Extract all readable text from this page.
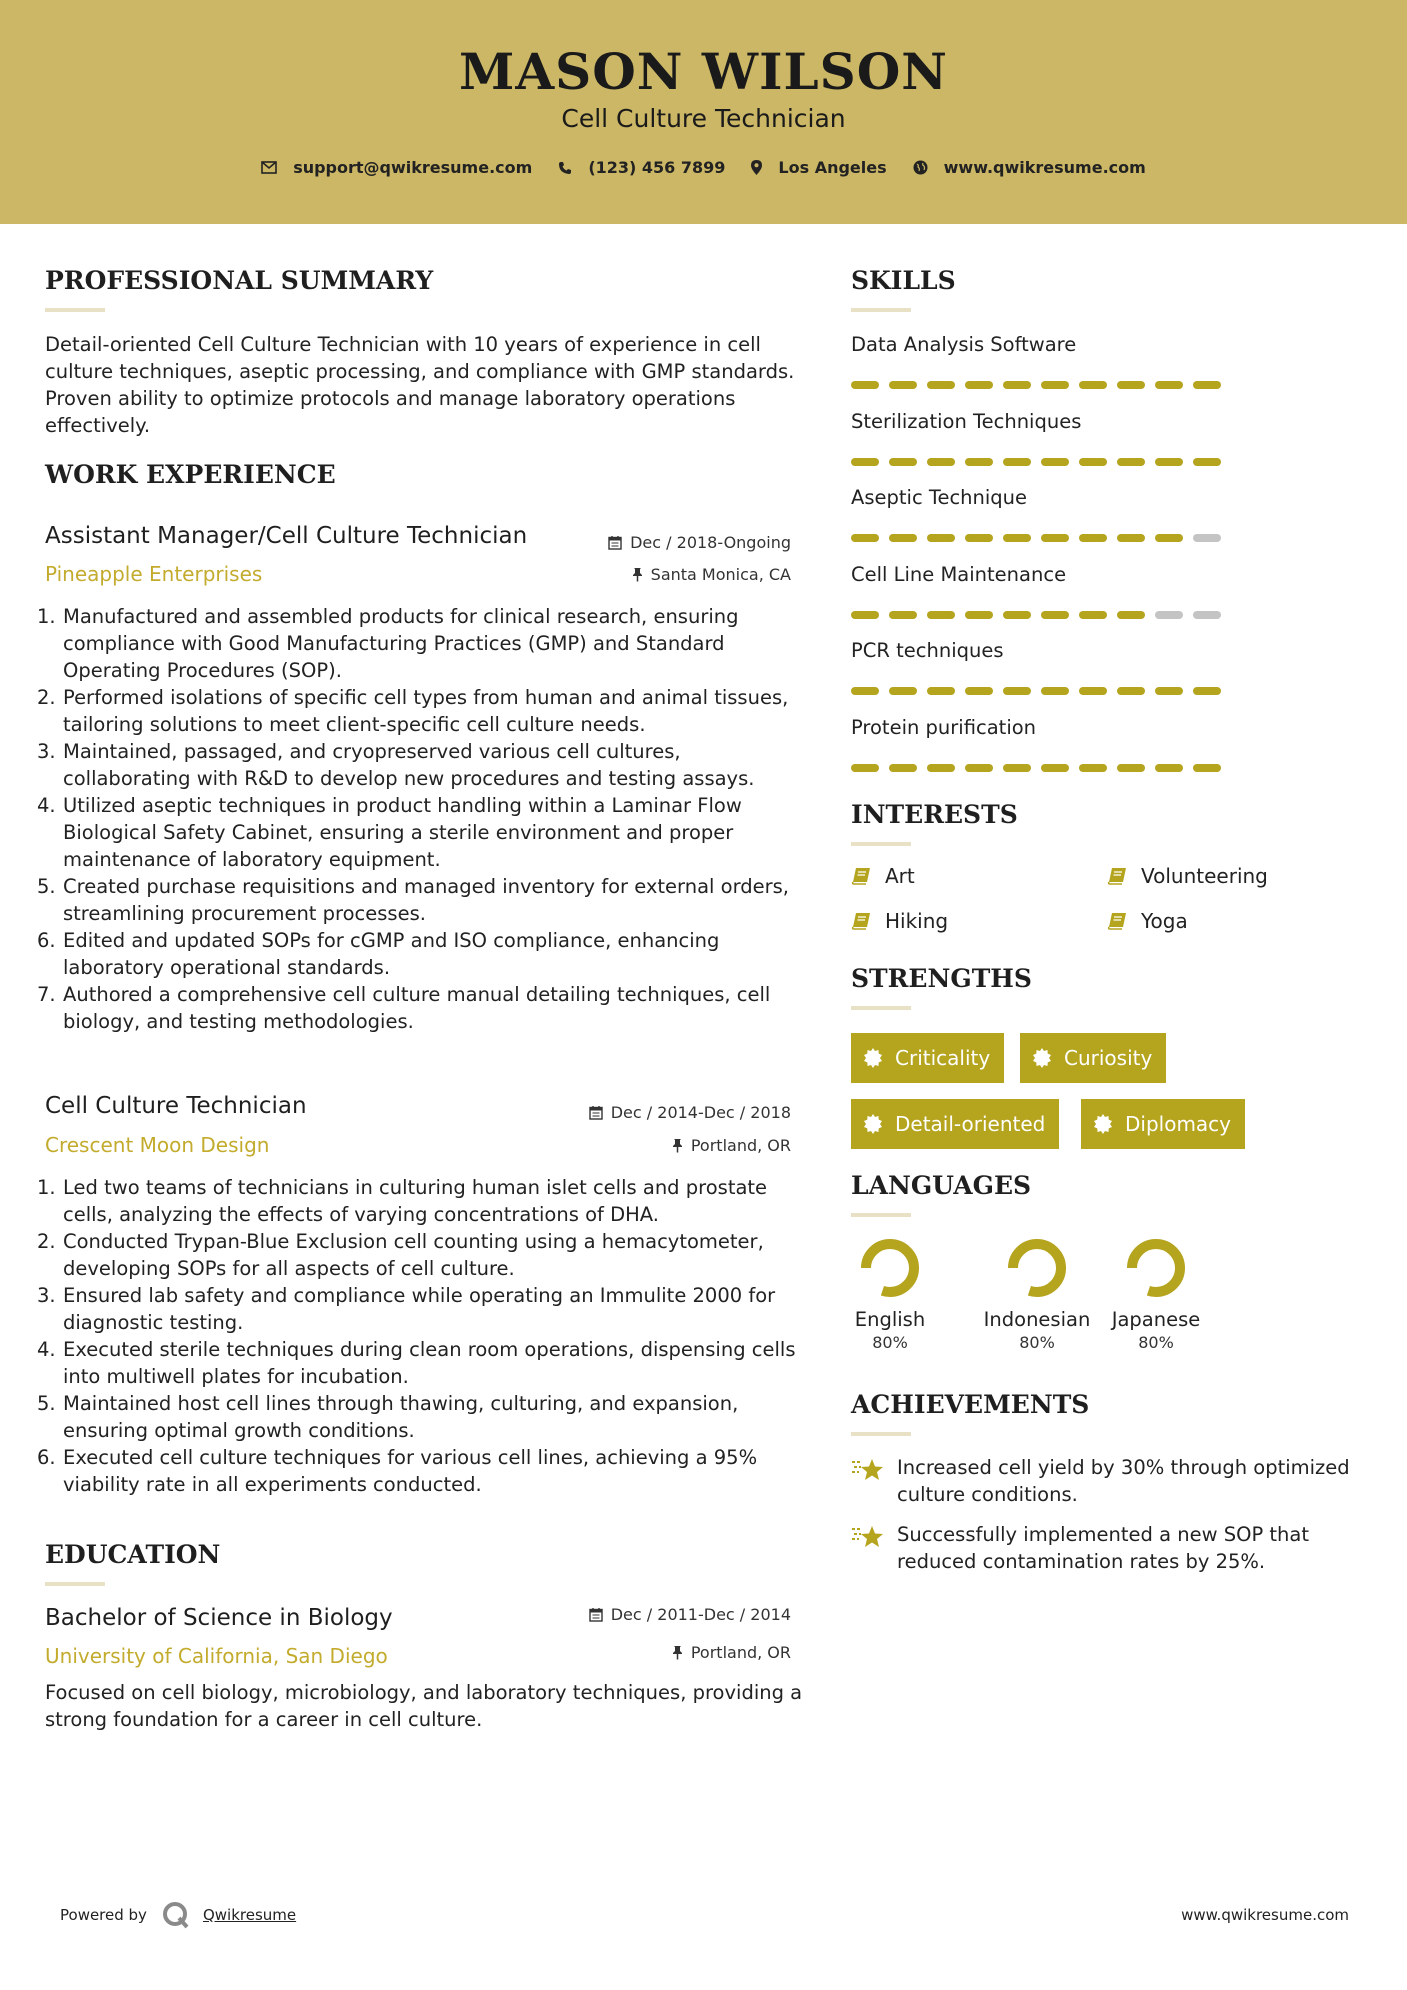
MASON WILSON
Cell Culture Technician
support@qwikresume.com	(123) 456 7899	Los Angeles	www.qwikresume.com
PROFESSIONAL SUMMARY
Detail-oriented Cell Culture Technician with 10 years of experience in cell culture techniques, aseptic processing, and compliance with GMP standards. Proven ability to optimize protocols and manage laboratory operations effectively.
WORK EXPERIENCE
Assistant Manager/Cell Culture Technician
Pineapple Enterprises
Dec / 2018-Ongoing
Santa Monica, CA
1. Manufactured and assembled products for clinical research, ensuring compliance with Good Manufacturing Practices (GMP) and Standard Operating Procedures (SOP).
2. Performed isolations of specific cell types from human and animal tissues, tailoring solutions to meet client-specific cell culture needs.
3. Maintained, passaged, and cryopreserved various cell cultures, collaborating with R&D to develop new procedures and testing assays.
4. Utilized aseptic techniques in product handling within a Laminar Flow Biological Safety Cabinet, ensuring a sterile environment and proper maintenance of laboratory equipment.
5. Created purchase requisitions and managed inventory for external orders, streamlining procurement processes.
6. Edited and updated SOPs for cGMP and ISO compliance, enhancing laboratory operational standards.
7. Authored a comprehensive cell culture manual detailing techniques, cell biology, and testing methodologies.
Cell Culture Technician
Crescent Moon Design
Dec / 2014-Dec / 2018
Portland, OR
1. Led two teams of technicians in culturing human islet cells and prostate cells, analyzing the effects of varying concentrations of DHA.
2. Conducted Trypan-Blue Exclusion cell counting using a hemacytometer, developing SOPs for all aspects of cell culture.
3. Ensured lab safety and compliance while operating an Immulite 2000 for diagnostic testing.
4. Executed sterile techniques during clean room operations, dispensing cells into multiwell plates for incubation.
5. Maintained host cell lines through thawing, culturing, and expansion, ensuring optimal growth conditions.
6. Executed cell culture techniques for various cell lines, achieving a 95% viability rate in all experiments conducted.
EDUCATION
Bachelor of Science in Biology
University of California, San Diego
Dec / 2011-Dec / 2014
Portland, OR
Focused on cell biology, microbiology, and laboratory techniques, providing a strong foundation for a career in cell culture.
SKILLS
Data Analysis Software
Sterilization Techniques
Aseptic Technique
Cell Line Maintenance
PCR techniques
Protein purification
INTERESTS
Art	Volunteering
Hiking	Yoga
STRENGTHS
Criticality	Curiosity
Detail-oriented	Diplomacy
LANGUAGES
English
80%
Indonesian
80%
Japanese
80%
ACHIEVEMENTS
Increased cell yield by 30% through optimized culture conditions.
Successfully implemented a new SOP that reduced contamination rates by 25%.
Powered by	Qwikresume	www.qwikresume.com
